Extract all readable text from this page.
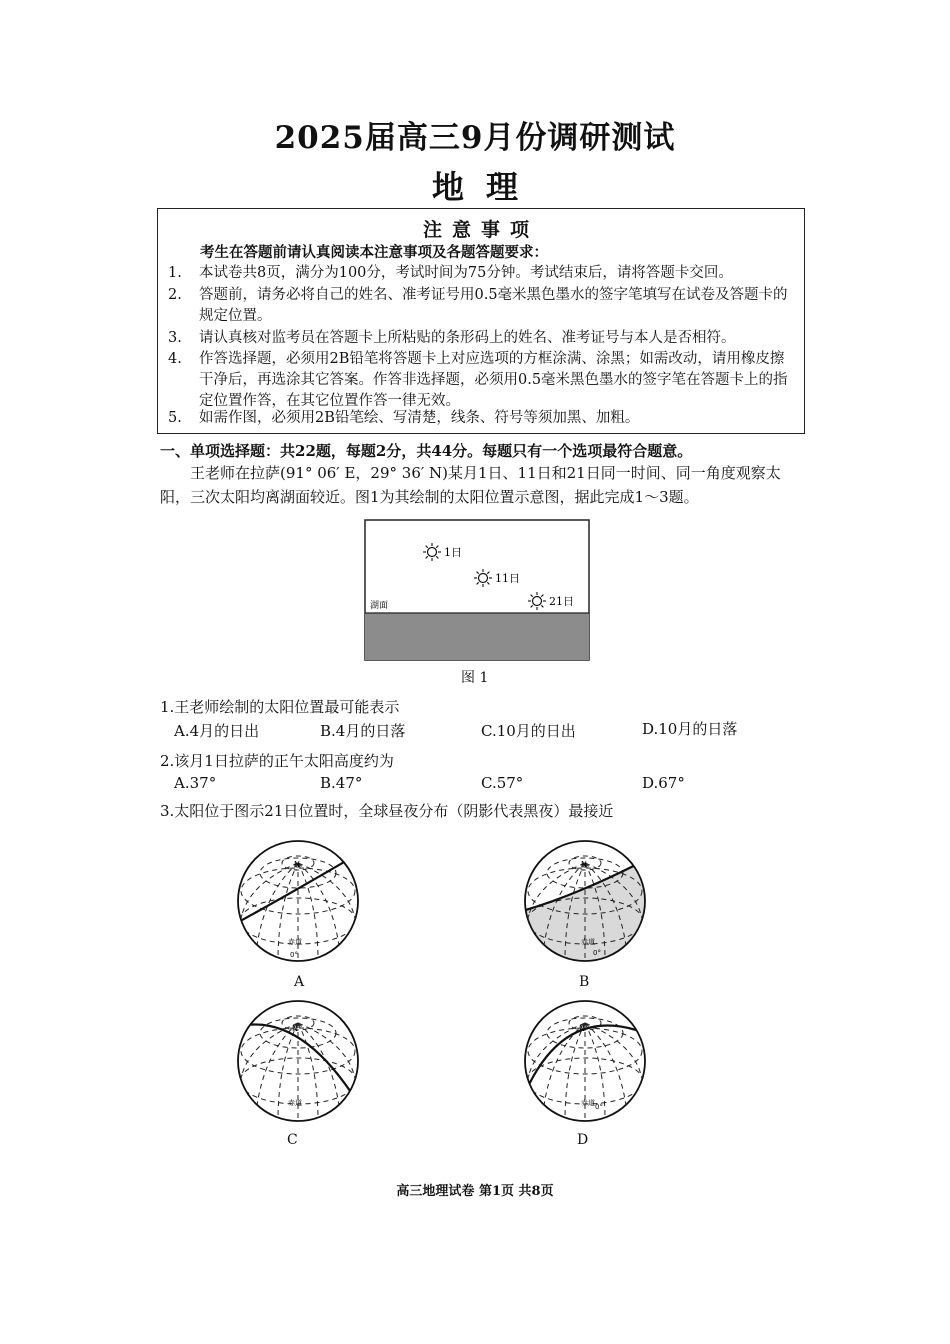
2025届高三9月份调研测试
地理
注意事项
考生在答题前请认真阅读本注意事项及各题答题要求：
1. 本试卷共8页，满分为100分，考试时间为75分钟。考试结束后，请将答题卡交回。
2. 答题前，请务必将自己的姓名、准考证号用0.5毫米黑色墨水的签字笔填写在试卷及答题卡的规定位置。
3. 请认真核对监考员在答题卡上所粘贴的条形码上的姓名、准考证号与本人是否相符。
4. 作答选择题，必须用2B铅笔将答题卡上对应选项的方框涂满、涂黑；如需改动，请用橡皮擦干净后，再选涂其它答案。作答非选择题，必须用0.5毫米黑色墨水的签字笔在答题卡上的指定位置作答，在其它位置作答一律无效。
5. 如需作图，必须用2B铅笔绘、写清楚，线条、符号等须加黑、加粗。
一、单项选择题：共22题，每题2分，共44分。每题只有一个选项最符合题意。
王老师在拉萨(91° 06′ E，29° 36′ N)某月1日、11日和21日同一时间、同一角度观察太阳，三次太阳均离湖面较近。图1为其绘制的太阳位置示意图，据此完成1～3题。
湖面
1日
11日
21日
图 1
1.王老师绘制的太阳位置最可能表示
A.4月的日出	B.4月的日落	C.10月的日出	D.10月的日落
2.该月1日拉萨的正午太阳高度约为
A.37°	B.47°	C.57°	D.67°
3.太阳位于图示21日位置时，全球昼夜分布（阴影代表黑夜）最接近
N
赤道
0°
A
N
赤道
0°
B
N
赤道
C
N
赤道 0°
D
高三地理试卷 第1页 共8页
